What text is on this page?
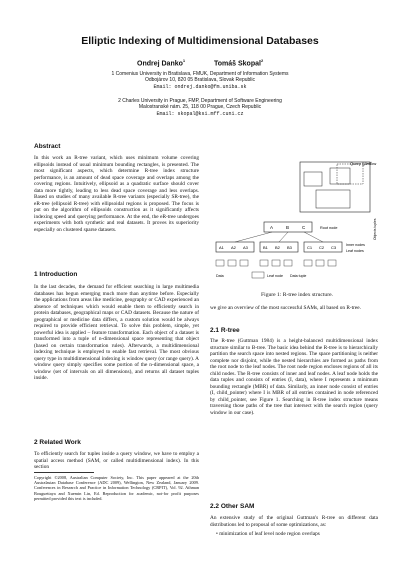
Elliptic Indexing of Multidimensional Databases
Ondrej Danko$^1$	Tomáš Skopal$^2$
1 Comenius University in Bratislava, FMUK, Department of Information Systems
Odbojárov 10, 820 05 Bratislava, Slovak Republic
Email: ondrej.danko@fm.uniba.sk
2 Charles University in Prague, FMP, Department of Software Engineering
Malostranské nám. 25, 118 00 Prague, Czech Republic
Email: skopal@ksi.mff.cuni.cz
Abstract

In this work an R-tree variant, which uses minimum volume covering ellipsoids instead of usual minimum bounding rectangles, is presented. The most significant aspects, which determine R-tree index structure performance, is an amount of dead space coverage and overlaps among the covering regions. Intuitively, ellipsoid as a quadratic surface should cover data more tightly, leading to less dead space coverage and less overlaps. Based on studies of many available R-tree variants (especially SR-tree), the eR-tree (ellipsoid R-tree) with ellipsoidal regions is proposed. The focus is put on the algorithm of ellipsoids construction as it significantly affects indexing speed and querying performance. At the end, the eR-tree undergoes experiments with both synthetic and real datasets. It proves its superiority especially on clustered sparse datasets.

1 Introduction

In the last decades, the demand for efficient searching in large multimedia databases has begun emerging much more than anytime before. Especially the applications from areas like medicine, geography or CAD experienced an absence of techniques which would enable them to efficiently search in protein databases, geographical maps or CAD datasets. Because the nature of geographical or medicine data differs, a custom solution would be always required to provide efficient retrieval. To solve this problem, simple, yet powerful idea is applied – feature transformation. Each object of a dataset is transformed into a tuple of n-dimensional space representing that object (based on certain transformation rules). Afterwards, a multidimensional indexing technique is employed to enable fast retrieval. The most obvious query type in multidimensional indexing is window query (or range query). A window query simply specifies some portion of the n-dimensional space, a window (set of intervals on all dimensions), and returns all dataset tuples inside.

2 Related Work

To efficiently search for tuples inside a query window, we have to employ a spatial access method (SAM, or called multidimensional index). In this section

Copyright ©2008, Australian Computer Society, Inc. This paper appeared at the 20th Australasian Database Conference (ADC 2009), Wellington, New Zealand, January 2009. Conferences in Research and Practice in Information Technology (CRPIT), Vol. 92. Athman Bouguettaya and Xuemin Lin, Ed. Reproduction for academic, not-for profit purposes permitted provided this text is included.
Query Window
A	B	C	Root node
A1 A2 A3	B1 B2 B3	C1 C2 C3	Inner nodes
Leaf nodes
Leaf node Data tuple
Data
Objects tuples
Figure 1: R-tree index structure.

we give an overview of the most successful SAMs, all based on R-tree.

2.1 R-tree

The R-tree (Guttman 1984) is a height-balanced multidimensional index structure similar to B-tree. The basic idea behind the R-tree is to hierarchically partition the search space into nested regions. The space partitioning is neither complete nor disjoint, while the nested hierarchies are formed as paths from the root node to the leaf nodes. The root node region encloses regions of all its child nodes. The R-tree consists of inner and leaf nodes. A leaf node holds the data tuples and consists of entries (I, data), where I represents a minimum bounding rectangle (MBR) of data. Similarly, an inner node consist of entries (I, child_pointer) where I is MBR of all entries contained in node referenced by child_pointer, see Figure 1. Searching in R-tree index structure means traversing those paths of the tree that intersect with the search region (query window in our case).

2.2 Other SAM

An extensive study of the original Guttman's R-tree on different data distributions led to proposal of some optimizations, as:

• minimization of leaf level node region overlaps
